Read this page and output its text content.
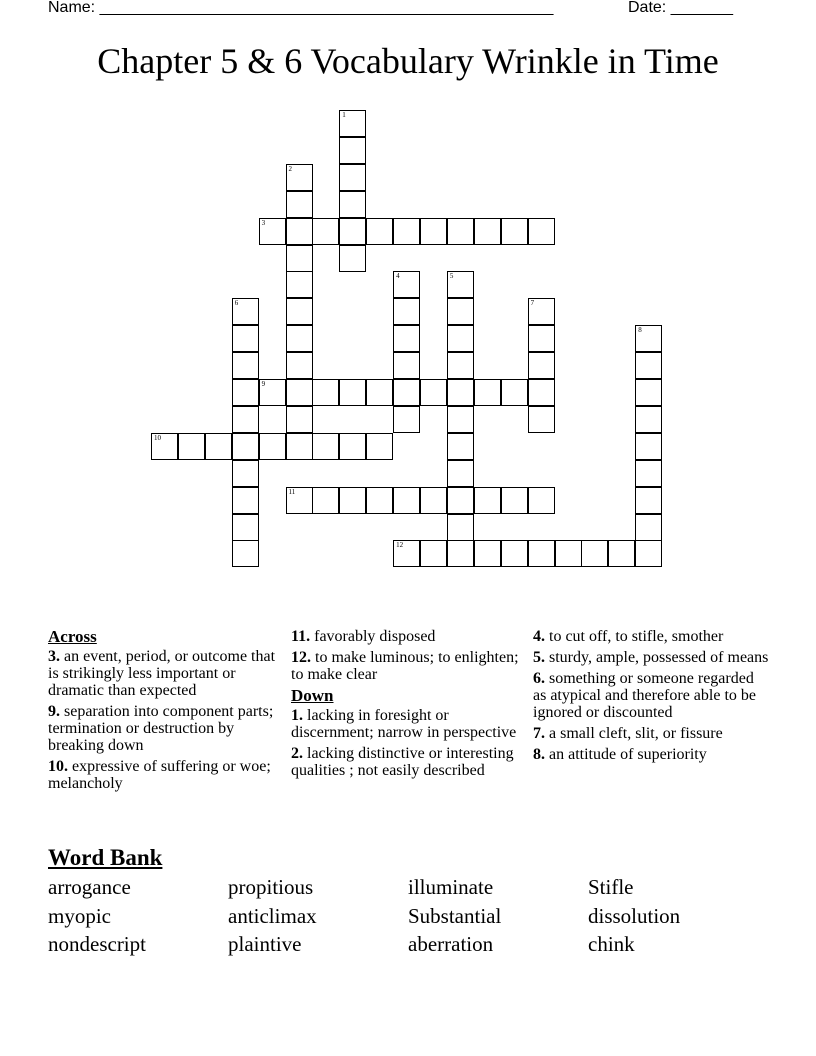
Name: ___________________________________________________	Date: _______
Chapter 5 & 6 Vocabulary Wrinkle in Time
1
2
3
4	5
6	7
8
9
10
11
12
Across
3. an event, period, or outcome that is strikingly less important or dramatic than expected
9. separation into component parts; termination or destruction by breaking down
10. expressive of suffering or woe; melancholy
11. favorably disposed
12. to make luminous; to enlighten; to make clear
Down
1. lacking in foresight or discernment; narrow in perspective
2. lacking distinctive or interesting qualities ; not easily described
4. to cut off, to stifle, smother
5. sturdy, ample, possessed of means
6. something or someone regarded as atypical and therefore able to be ignored or discounted
7. a small cleft, slit, or fissure
8. an attitude of superiority
Word Bank
arrogance	propitious	illuminate	Stifle
myopic	anticlimax	Substantial	dissolution
nondescript	plaintive	aberration	chink
